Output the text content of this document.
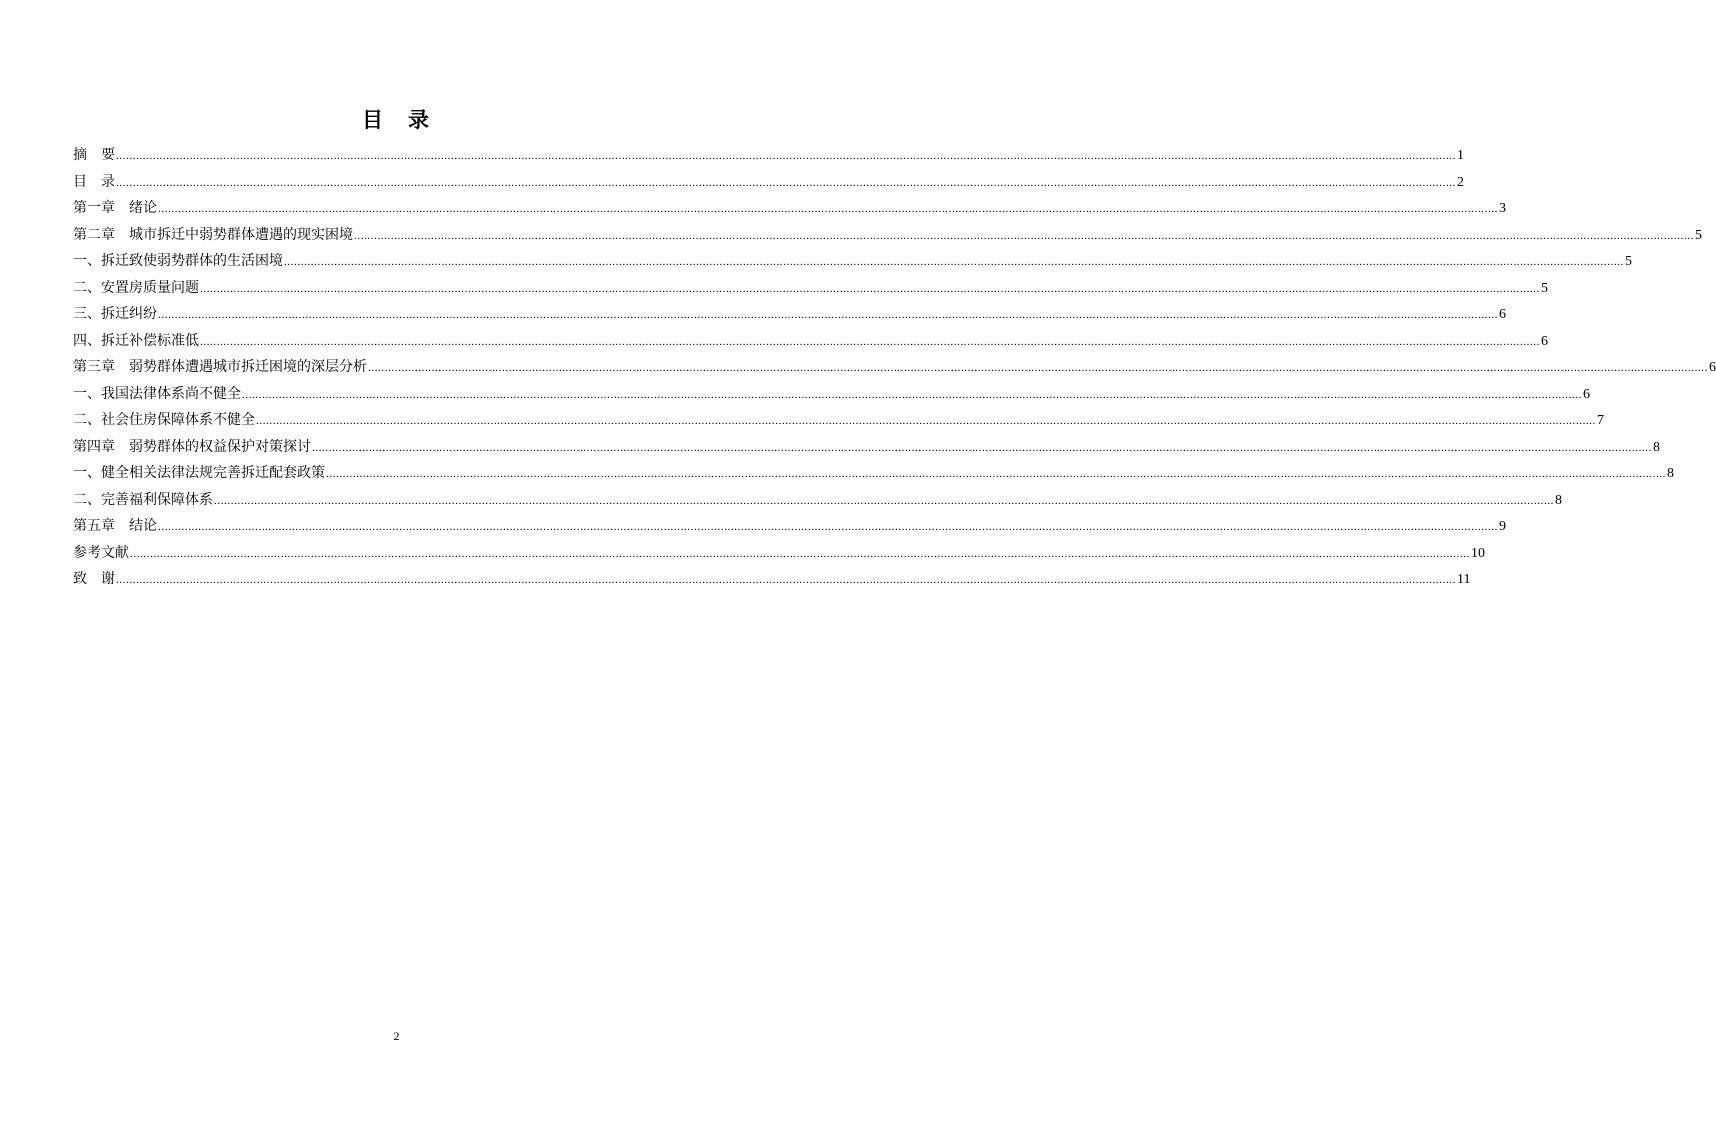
目　录
摘　要 ................................................................................................................................................................................................................................................................................................................................................................................................................ 1
目　录 ................................................................................................................................................................................................................................................................................................................................................................................................................ 2
第一章　绪论 ................................................................................................................................................................................................................................................................................................................................................................................................................ 3
第二章　城市拆迁中弱势群体遭遇的现实困境 ................................................................................................................................................................................................................................................................................................................................................................................................................ 5
一、拆迁致使弱势群体的生活困境 ................................................................................................................................................................................................................................................................................................................................................................................................................ 5
二、安置房质量问题 ................................................................................................................................................................................................................................................................................................................................................................................................................ 5
三、拆迁纠纷 ................................................................................................................................................................................................................................................................................................................................................................................................................ 6
四、拆迁补偿标准低 ................................................................................................................................................................................................................................................................................................................................................................................................................ 6
第三章　弱势群体遭遇城市拆迁困境的深层分析 ................................................................................................................................................................................................................................................................................................................................................................................................................ 6
一、我国法律体系尚不健全 ................................................................................................................................................................................................................................................................................................................................................................................................................ 6
二、社会住房保障体系不健全 ................................................................................................................................................................................................................................................................................................................................................................................................................ 7
第四章　弱势群体的权益保护对策探讨 ................................................................................................................................................................................................................................................................................................................................................................................................................ 8
一、健全相关法律法规完善拆迁配套政策 ................................................................................................................................................................................................................................................................................................................................................................................................................ 8
二、完善福利保障体系 ................................................................................................................................................................................................................................................................................................................................................................................................................ 8
第五章　结论 ................................................................................................................................................................................................................................................................................................................................................................................................................ 9
参考文献 ................................................................................................................................................................................................................................................................................................................................................................................................................ 10
致　谢 ................................................................................................................................................................................................................................................................................................................................................................................................................ 11
2
